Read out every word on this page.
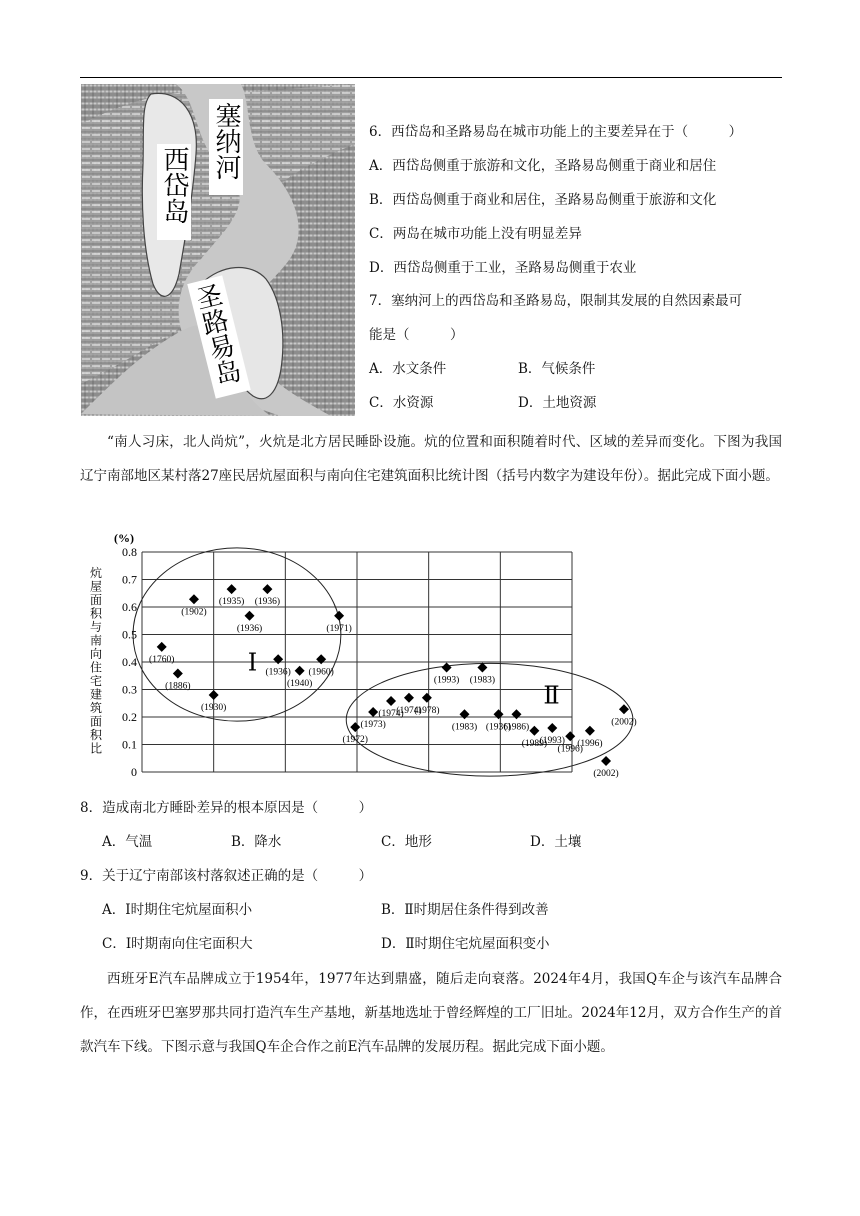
塞纳河
西岱岛
圣路易岛
6．西岱岛和圣路易岛在城市功能上的主要差异在于（　　　）
A．西岱岛侧重于旅游和文化，圣路易岛侧重于商业和居住
B．西岱岛侧重于商业和居住，圣路易岛侧重于旅游和文化
C．两岛在城市功能上没有明显差异
D．西岱岛侧重于工业，圣路易岛侧重于农业
7．塞纳河上的西岱岛和圣路易岛，限制其发展的自然因素最可
能是（　　　）
A．水文条件	B．气候条件
C．水资源	D．土地资源
“南人习床，北人尚炕”，火炕是北方居民睡卧设施。炕的位置和面积随着时代、区域的差异而变化。下图为我国辽宁南部地区某村落27座民居炕屋面积与南向住宅建筑面积比统计图（括号内数字为建设年份）。据此完成下面小题。
0.8
0.7
0.6
0.5
0.4
0.3
0.2
0.1
0
(%)
炕
屋
面
积
与
南
向
住
宅
建
筑
面
积
比
Ⅰ
Ⅱ
(1760)
(1902)
(1886)
(1930)
(1935) (1936)
(1936)
(1936)
(1940)
(1960)
(1971)
(1972)
(1973)
(1974)
(1974)
(1978)
(1993)
(1983)
(1983)
(1936)
(1986)
(1989)
(1993)
(1996)
(1996)
(2002)
(2002)
8．造成南北方睡卧差异的根本原因是（　　　）
A．气温	B．降水	C．地形	D．土壤
9．关于辽宁南部该村落叙述正确的是（　　　）
A．Ⅰ时期住宅炕屋面积小	B．Ⅱ时期居住条件得到改善
C．Ⅰ时期南向住宅面积大	D．Ⅱ时期住宅炕屋面积变小
西班牙E汽车品牌成立于1954年，1977年达到鼎盛，随后走向衰落。2024年4月，我国Q车企与该汽车品牌合作，在西班牙巴塞罗那共同打造汽车生产基地，新基地选址于曾经辉煌的工厂旧址。2024年12月，双方合作生产的首款汽车下线。下图示意与我国Q车企合作之前E汽车品牌的发展历程。据此完成下面小题。
